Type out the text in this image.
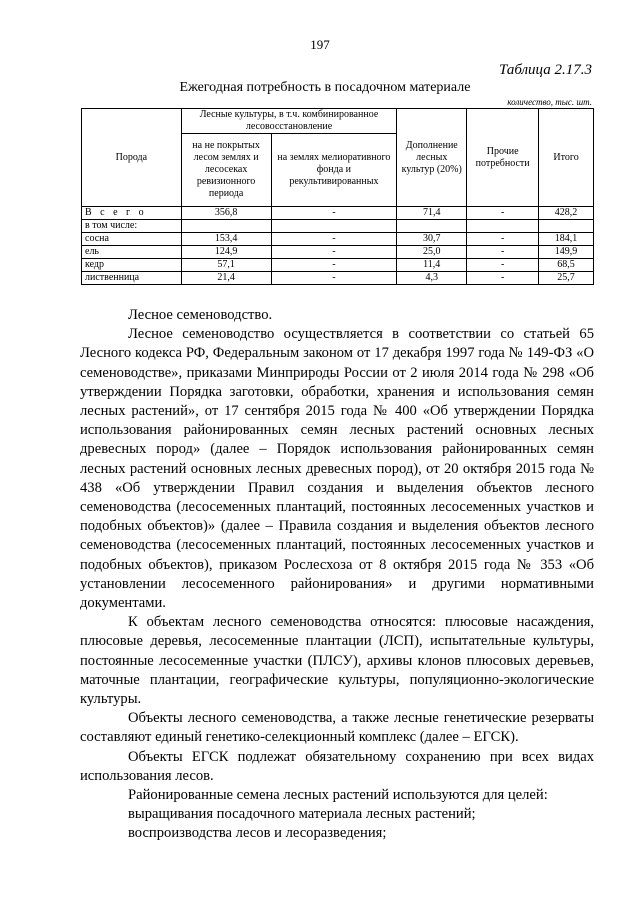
197
Таблица 2.17.3
Ежегодная потребность в посадочном материале
количество, тыс. шт.
Порода	Лесные культуры, в т.ч. комбинированное лесовосстановление		Дополнение лесных культур (20%)	Прочие потребности	Итого
	на не покрытых лесом землях и лесосеках ревизионного периода	на землях мелиоративного фонда и рекультивированных			
В с е г о	356,8	-	71,4	-	428,2
в том числе:					
сосна	153,4	-	30,7	-	184,1
ель	124,9	-	25,0	-	149,9
кедр	57,1	-	11,4	-	68,5
лиственница	21,4	-	4,3	-	25,7

Лесное семеноводство.

Лесное семеноводство осуществляется в соответствии со статьей 65 Лесного кодекса РФ, Федеральным законом от 17 декабря 1997 года № 149-ФЗ «О семеноводстве», приказами Минприроды России от 2 июля 2014 года № 298 «Об утверждении Порядка заготовки, обработки, хранения и использования семян лесных растений», от 17 сентября 2015 года № 400 «Об утверждении Порядка использования районированных семян лесных растений основных лесных древесных пород» (далее – Порядок использования районированных семян лесных растений основных лесных древесных пород), от 20 октября 2015 года № 438 «Об утверждении Правил создания и выделения объектов лесного семеноводства (лесосеменных плантаций, постоянных лесосеменных участков и подобных объектов)» (далее – Правила создания и выделения объектов лесного семеноводства (лесосеменных плантаций, постоянных лесосеменных участков и подобных объектов), приказом Рослесхоза от 8 октября 2015 года № 353 «Об установлении лесосеменного районирования» и другими нормативными документами.

К объектам лесного семеноводства относятся: плюсовые насаждения, плюсовые деревья, лесосеменные плантации (ЛСП), испытательные культуры, постоянные лесосеменные участки (ПЛСУ), архивы клонов плюсовых деревьев, маточные плантации, географические культуры, популяционно-экологические культуры.

Объекты лесного семеноводства, а также лесные генетические резерваты составляют единый генетико-селекционный комплекс (далее – ЕГСК).

Объекты ЕГСК подлежат обязательному сохранению при всех видах использования лесов.

Районированные семена лесных растений используются для целей:

выращивания посадочного материала лесных растений;

воспроизводства лесов и лесоразведения;
